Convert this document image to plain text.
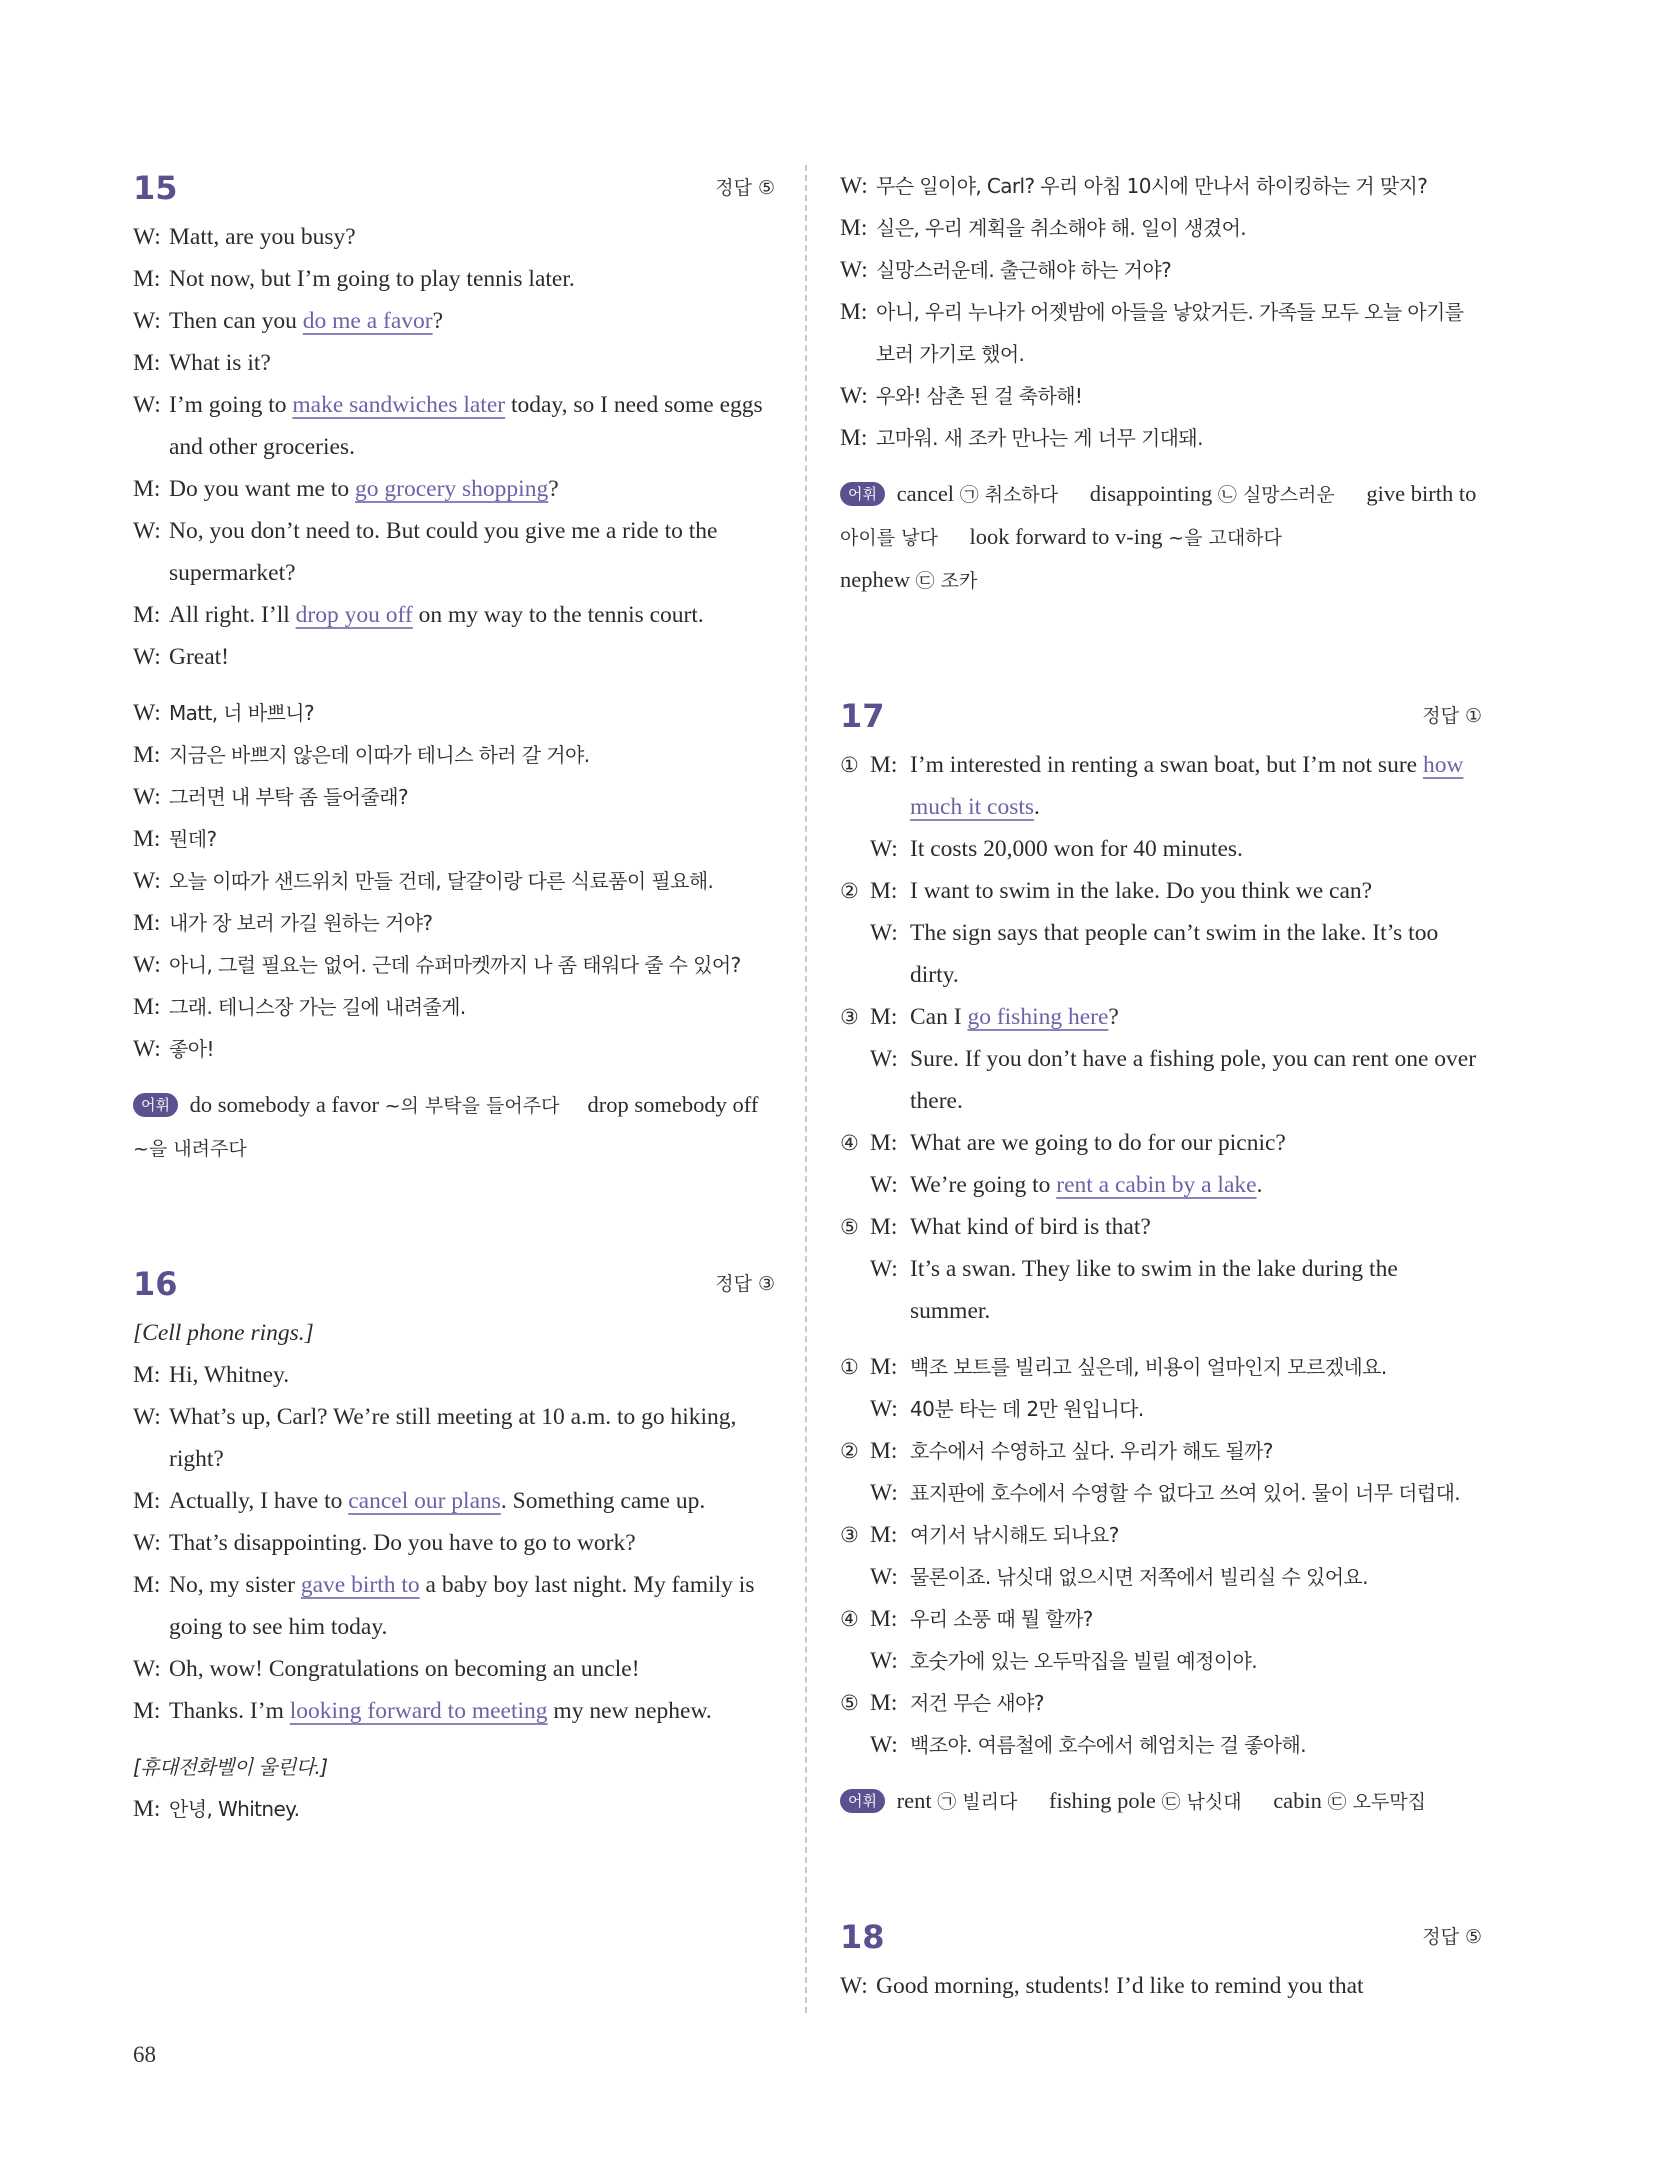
15	정답 ⑤
W: Matt, are you busy?
M: Not now, but I’m going to play tennis later.
W: Then can you do me a favor?
M: What is it?
W: I’m going to make sandwiches later today, so I need some eggs and other groceries.
M: Do you want me to go grocery shopping?
W: No, you don’t need to. But could you give me a ride to the supermarket?
M: All right. I’ll drop you off on my way to the tennis court.
W: Great!
W: Matt, 너 바쁘니?
M: 지금은 바쁘지 않은데 이따가 테니스 하러 갈 거야.
W: 그러면 내 부탁 좀 들어줄래?
M: 뭔데?
W: 오늘 이따가 샌드위치 만들 건데, 달걀이랑 다른 식료품이 필요해.
M: 내가 장 보러 가길 원하는 거야?
W: 아니, 그럴 필요는 없어. 근데 슈퍼마켓까지 나 좀 태워다 줄 수 있어?
M: 그래. 테니스장 가는 길에 내려줄게.
W: 좋아!
어휘 do somebody a favor ~의 부탁을 들어주다 drop somebody off ~을 내려주다
16	정답 ③
[Cell phone rings.]
M: Hi, Whitney.
W: What’s up, Carl? We’re still meeting at 10 a.m. to go hiking, right?
M: Actually, I have to cancel our plans. Something came up.
W: That’s disappointing. Do you have to go to work?
M: No, my sister gave birth to a baby boy last night. My family is going to see him today.
W: Oh, wow! Congratulations on becoming an uncle!
M: Thanks. I’m looking forward to meeting my new nephew.
[휴대전화벨이 울린다.]
M: 안녕, Whitney.
W: 무슨 일이야, Carl? 우리 아침 10시에 만나서 하이킹하는 거 맞지?
M: 실은, 우리 계획을 취소해야 해. 일이 생겼어.
W: 실망스러운데. 출근해야 하는 거야?
M: 아니, 우리 누나가 어젯밤에 아들을 낳았거든. 가족들 모두 오늘 아기를 보러 가기로 했어.
W: 우와! 삼촌 된 걸 축하해!
M: 고마워. 새 조카 만나는 게 너무 기대돼.
어휘 cancel ㉠ 취소하다 disappointing ㉡ 실망스러운 give birth to 아이를 낳다 look forward to v-ing ~을 고대하다
nephew ㉢ 조카
17	정답 ①
① M: I’m interested in renting a swan boat, but I’m not sure how much it costs.
W: It costs 20,000 won for 40 minutes.
② M: I want to swim in the lake. Do you think we can?
W: The sign says that people can’t swim in the lake. It’s too dirty.
③ M: Can I go fishing here?
W: Sure. If you don’t have a fishing pole, you can rent one over there.
④ M: What are we going to do for our picnic?
W: We’re going to rent a cabin by a lake.
⑤ M: What kind of bird is that?
W: It’s a swan. They like to swim in the lake during the summer.
① M: 백조 보트를 빌리고 싶은데, 비용이 얼마인지 모르겠네요.
W: 40분 타는 데 2만 원입니다.
② M: 호수에서 수영하고 싶다. 우리가 해도 될까?
W: 표지판에 호수에서 수영할 수 없다고 쓰여 있어. 물이 너무 더럽대.
③ M: 여기서 낚시해도 되나요?
W: 물론이죠. 낚싯대 없으시면 저쪽에서 빌리실 수 있어요.
④ M: 우리 소풍 때 뭘 할까?
W: 호숫가에 있는 오두막집을 빌릴 예정이야.
⑤ M: 저건 무슨 새야?
W: 백조야. 여름철에 호수에서 헤엄치는 걸 좋아해.
어휘 rent ㉠ 빌리다 fishing pole ㉢ 낚싯대 cabin ㉢ 오두막집
18	정답 ⑤
W: Good morning, students! I’d like to remind you that
68
